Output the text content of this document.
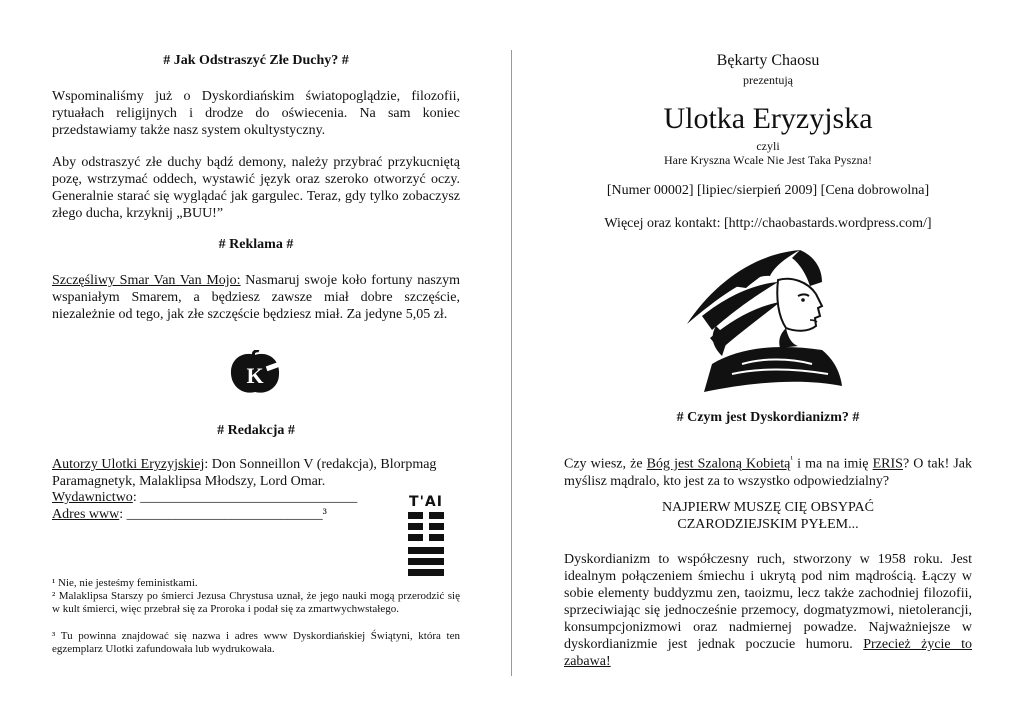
# Jak Odstraszyć Złe Duchy? #

Wspominaliśmy już o Dyskordiańskim światopoglądzie, filozofii, rytuałach religijnych i drodze do oświecenia. Na sam koniec przedstawiamy także nasz system okultystyczny.

Aby odstraszyć złe duchy bądź demony, należy przybrać przykucniętą pozę, wstrzymać oddech, wystawić język oraz szeroko otworzyć oczy. Generalnie starać się wyglądać jak gargulec. Teraz, gdy tylko zobaczysz złego ducha, krzyknij „BUU!”

# Reklama #

Szczęśliwy Smar Van Van Mojo: Nasmaruj swoje koło fortuny naszym wspaniałym Smarem, a będziesz zawsze miał dobre szczęście, niezależnie od tego, jak złe szczęście będziesz miał. Za jedyne 5,05 zł.

K
# Redakcja #

Autorzy Ulotki Eryzyjskiej: Don Sonneillon V (redakcja), Blorpmag Paramagnetyk, Malaklipsa Młodszy, Lord Omar.

Wydawnictwo: _______________________________

Adres www: ____________________________³

T'AI

¹ Nie, nie jesteśmy feministkami.

² Malaklipsa Starszy po śmierci Jezusa Chrystusa uznał, że jego nauki mogą przerodzić się w kult śmierci, więc przebrał się za Proroka i podał się za zmartwychwstałego.

³ Tu powinna znajdować się nazwa i adres www Dyskordiańskiej Świątyni, która ten egzemplarz Ulotki zafundowała lub wydrukowała.

Bękarty Chaosu
prezentują
Ulotka Eryzyjska
czyli
Hare Kryszna Wcale Nie Jest Taka Pyszna!
[Numer 00002] [lipiec/sierpień 2009] [Cena dobrowolna]
Więcej oraz kontakt: [http://chaobastards.wordpress.com/]
# Czym jest Dyskordianizm? #

Czy wiesz, że Bóg jest Szaloną Kobietą$^{^1}$ i ma na imię ERIS? O tak! Jak myślisz mądralo, kto jest za to wszystko odpowiedzialny?

NAJPIERW MUSZĘ CIĘ OBSYPAĆ
CZARODZIEJSKIM PYŁEM...

Dyskordianizm to współczesny ruch, stworzony w 1958 roku. Jest idealnym połączeniem śmiechu i ukrytą pod nim mądrością. Łączy w sobie elementy buddyzmu zen, taoizmu, lecz także zachodniej filozofii, sprzeciwiając się jednocześnie przemocy, dogmatyzmowi, nietolerancji, konsumpcjonizmowi oraz nadmiernej powadze. Najważniejsze w dyskordianizmie jest jednak poczucie humoru. Przecież życie to zabawa!
